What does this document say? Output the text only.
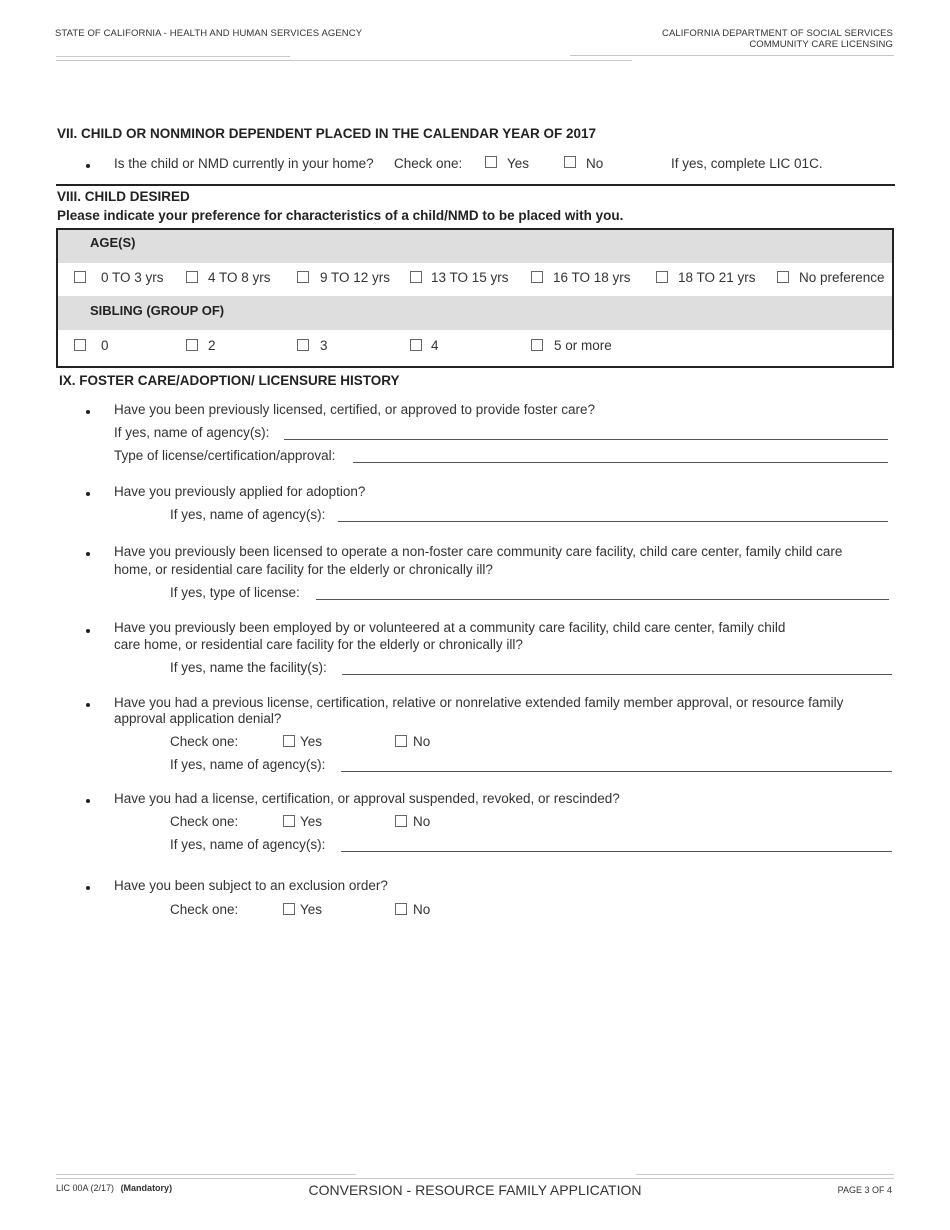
STATE OF CALIFORNIA - HEALTH AND HUMAN SERVICES AGENCY	CALIFORNIA DEPARTMENT OF SOCIAL SERVICES
COMMUNITY CARE LICENSING
VII. CHILD OR NONMINOR DEPENDENT PLACED IN THE CALENDAR YEAR OF 2017
Is the child or NMD currently in your home? Check one:	Yes	No	If yes, complete LIC 01C.
VIII. CHILD DESIRED
Please indicate your preference for characteristics of a child/NMD to be placed with you.
AGE(S)
0 TO 3 yrs	4 TO 8 yrs	9 TO 12 yrs	13 TO 15 yrs	16 TO 18 yrs	18 TO 21 yrs	No preference
SIBLING (GROUP OF)
0	2	3	4	5 or more
IX. FOSTER CARE/ADOPTION/ LICENSURE HISTORY
Have you been previously licensed, certified, or approved to provide foster care?
If yes, name of agency(s):
Type of license/certification/approval:
Have you previously applied for adoption?
If yes, name of agency(s):
Have you previously been licensed to operate a non-foster care community care facility, child care center, family child care
home, or residential care facility for the elderly or chronically ill?
If yes, type of license:
Have you previously been employed by or volunteered at a community care facility, child care center, family child
care home, or residential care facility for the elderly or chronically ill?
If yes, name the facility(s):
Have you had a previous license, certification, relative or nonrelative extended family member approval, or resource family
approval application denial?
Check one:	Yes	No
If yes, name of agency(s):
Have you had a license, certification, or approval suspended, revoked, or rescinded?
Check one:	Yes	No
If yes, name of agency(s):
Have you been subject to an exclusion order?
Check one:	Yes	No
LIC 00A (2/17) (Mandatory)	CONVERSION - RESOURCE FAMILY APPLICATION	PAGE 3 OF 4
